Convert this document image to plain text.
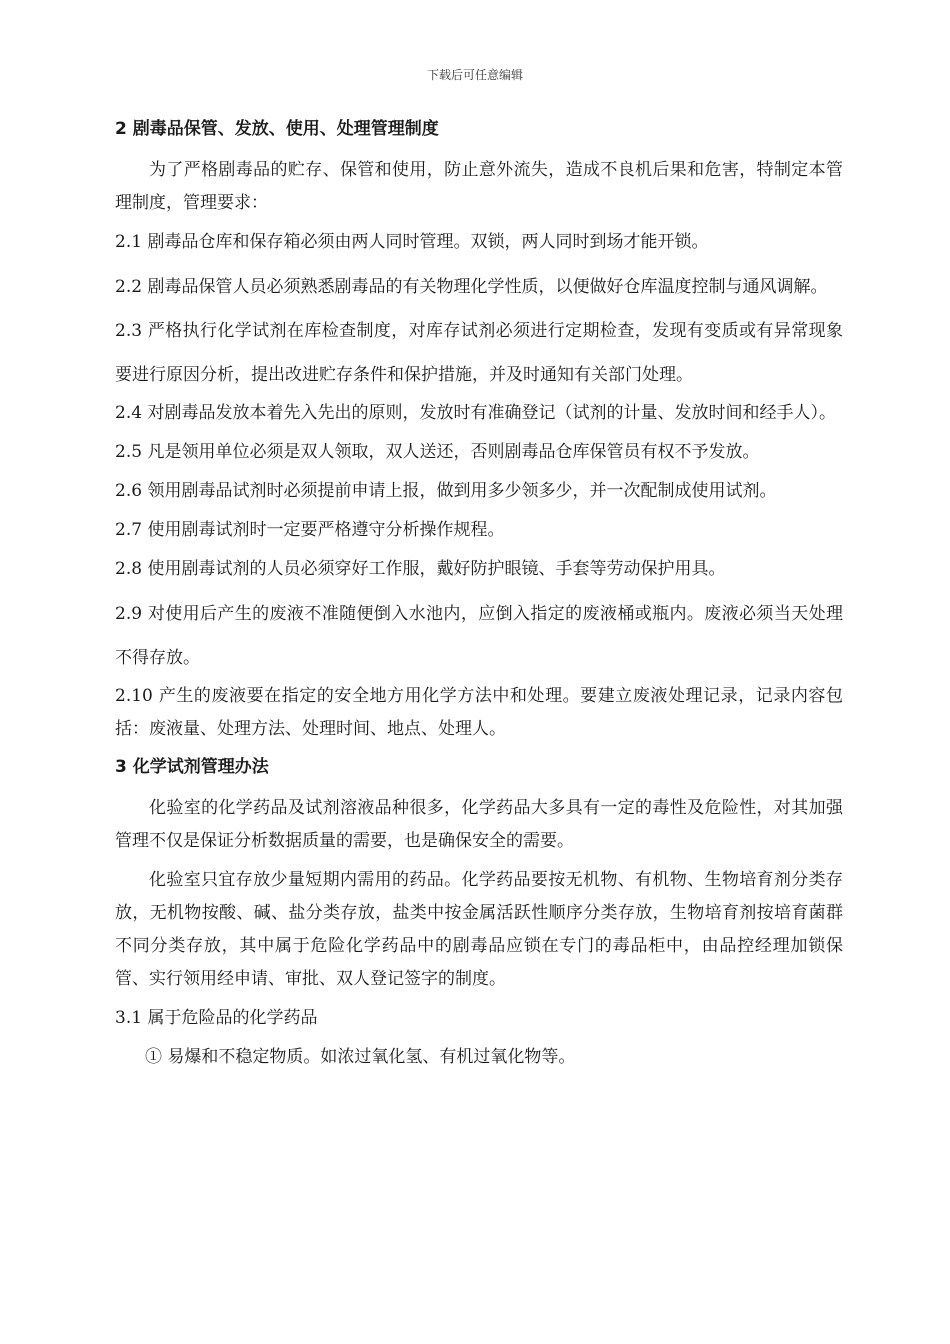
下载后可任意编辑
2 剧毒品保管、发放、使用、处理管理制度

为了严格剧毒品的贮存、保管和使用，防止意外流失，造成不良机后果和危害，特制定本管理制度，管理要求：

2.1 剧毒品仓库和保存箱必须由两人同时管理。双锁，两人同时到场才能开锁。

2.2 剧毒品保管人员必须熟悉剧毒品的有关物理化学性质，以便做好仓库温度控制与通风调解。

2.3 严格执行化学试剂在库检查制度，对库存试剂必须进行定期检查，发现有变质或有异常现象要进行原因分析，提出改进贮存条件和保护措施，并及时通知有关部门处理。

2.4 对剧毒品发放本着先入先出的原则，发放时有准确登记（试剂的计量、发放时间和经手人）。

2.5 凡是领用单位必须是双人领取，双人送还，否则剧毒品仓库保管员有权不予发放。

2.6 领用剧毒品试剂时必须提前申请上报，做到用多少领多少，并一次配制成使用试剂。

2.7 使用剧毒试剂时一定要严格遵守分析操作规程。

2.8 使用剧毒试剂的人员必须穿好工作服，戴好防护眼镜、手套等劳动保护用具。

2.9 对使用后产生的废液不准随便倒入水池内，应倒入指定的废液桶或瓶内。废液必须当天处理不得存放。

2.10 产生的废液要在指定的安全地方用化学方法中和处理。要建立废液处理记录，记录内容包括：废液量、处理方法、处理时间、地点、处理人。

3 化学试剂管理办法

化验室的化学药品及试剂溶液品种很多，化学药品大多具有一定的毒性及危险性，对其加强管理不仅是保证分析数据质量的需要，也是确保安全的需要。

化验室只宜存放少量短期内需用的药品。化学药品要按无机物、有机物、生物培育剂分类存放，无机物按酸、碱、盐分类存放，盐类中按金属活跃性顺序分类存放，生物培育剂按培育菌群不同分类存放，其中属于危险化学药品中的剧毒品应锁在专门的毒品柜中，由品控经理加锁保管、实行领用经申请、审批、双人登记签字的制度。

3.1 属于危险品的化学药品

① 易爆和不稳定物质。如浓过氧化氢、有机过氧化物等。
